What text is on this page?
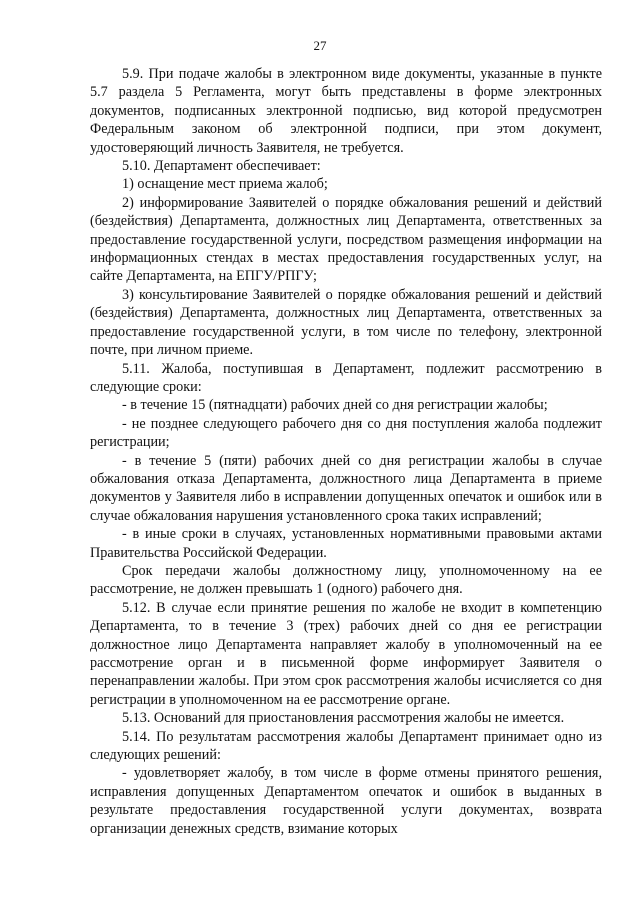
27

5.9. При подаче жалобы в электронном виде документы, указанные в пункте 5.7 раздела 5 Регламента, могут быть представлены в форме электронных документов, подписанных электронной подписью, вид которой предусмотрен Федеральным законом об электронной подписи, при этом документ, удостоверяющий личность Заявителя, не требуется.

5.10. Департамент обеспечивает:

1) оснащение мест приема жалоб;

2) информирование Заявителей о порядке обжалования решений и действий (бездействия) Департамента, должностных лиц Департамента, ответственных за предоставление государственной услуги, посредством размещения информации на информационных стендах в местах предоставления государственных услуг, на сайте Департамента, на ЕПГУ/РПГУ;

3) консультирование Заявителей о порядке обжалования решений и действий (бездействия) Департамента, должностных лиц Департамента, ответственных за предоставление государственной услуги, в том числе по телефону, электронной почте, при личном приеме.

5.11. Жалоба, поступившая в Департамент, подлежит рассмотрению в следующие сроки:

- в течение 15 (пятнадцати) рабочих дней со дня регистрации жалобы;

- не позднее следующего рабочего дня со дня поступления жалоба подлежит регистрации;

- в течение 5 (пяти) рабочих дней со дня регистрации жалобы в случае обжалования отказа Департамента, должностного лица Департамента в приеме документов у Заявителя либо в исправлении допущенных опечаток и ошибок или в случае обжалования нарушения установленного срока таких исправлений;

- в иные сроки в случаях, установленных нормативными правовыми актами Правительства Российской Федерации.

Срок передачи жалобы должностному лицу, уполномоченному на ее рассмотрение, не должен превышать 1 (одного) рабочего дня.

5.12. В случае если принятие решения по жалобе не входит в компетенцию Департамента, то в течение 3 (трех) рабочих дней со дня ее регистрации должностное лицо Департамента направляет жалобу в уполномоченный на ее рассмотрение орган и в письменной форме информирует Заявителя о перенаправлении жалобы. При этом срок рассмотрения жалобы исчисляется со дня регистрации в уполномоченном на ее рассмотрение органе.

5.13. Оснований для приостановления рассмотрения жалобы не имеется.

5.14. По результатам рассмотрения жалобы Департамент принимает одно из следующих решений:

- удовлетворяет жалобу, в том числе в форме отмены принятого решения, исправления допущенных Департаментом опечаток и ошибок в выданных в результате предоставления государственной услуги документах, возврата организации денежных средств, взимание которых
